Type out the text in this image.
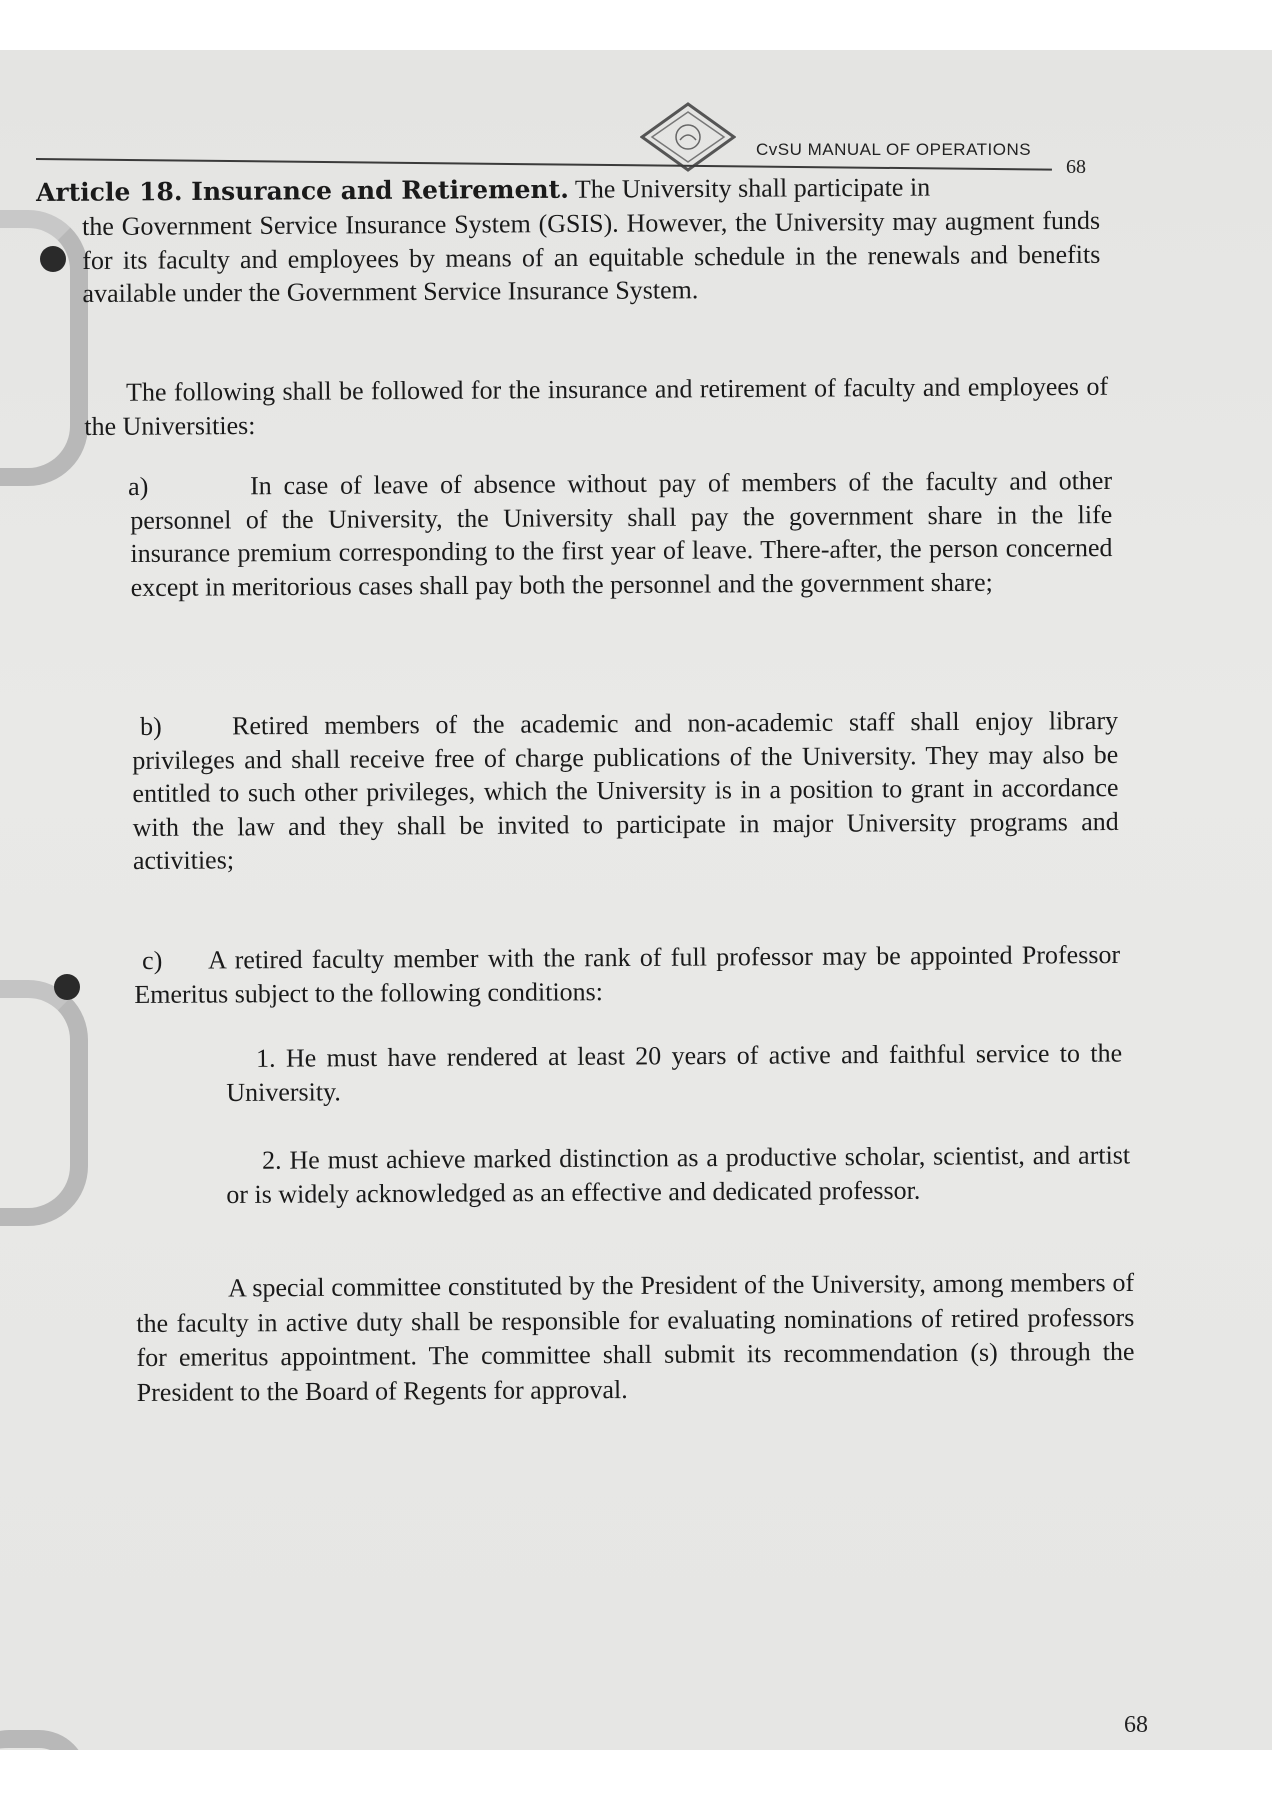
CvSU MANUAL OF OPERATIONS
68
Article 18. Insurance and Retirement. The University shall participate in
the Government Service Insurance System (GSIS). However, the University may augment funds for its faculty and employees by means of an equitable schedule in the renewals and benefits available under the Government Service Insurance System.
The following shall be followed for the insurance and retirement of faculty and employees of the Universities:
a)	In case of leave of absence without pay of members of the faculty and other personnel of the University, the University shall pay the government share in the life insurance premium corresponding to the first year of leave. There-after, the person concerned except in meritorious cases shall pay both the personnel and the government share;
b)	Retired members of the academic and non-academic staff shall enjoy library privileges and shall receive free of charge publications of the University. They may also be entitled to such other privileges, which the University is in a position to grant in accordance with the law and they shall be invited to participate in major University programs and activities;
c)	A retired faculty member with the rank of full professor may be appointed Professor Emeritus subject to the following conditions:
1. He must have rendered at least 20 years of active and faithful service to the University.
2. He must achieve marked distinction as a productive scholar, scientist, and artist or is widely acknowledged as an effective and dedicated professor.
A special committee constituted by the President of the University, among members of the faculty in active duty shall be responsible for evaluating nominations of retired professors for emeritus appointment. The committee shall submit its recommendation (s) through the President to the Board of Regents for approval.
68
